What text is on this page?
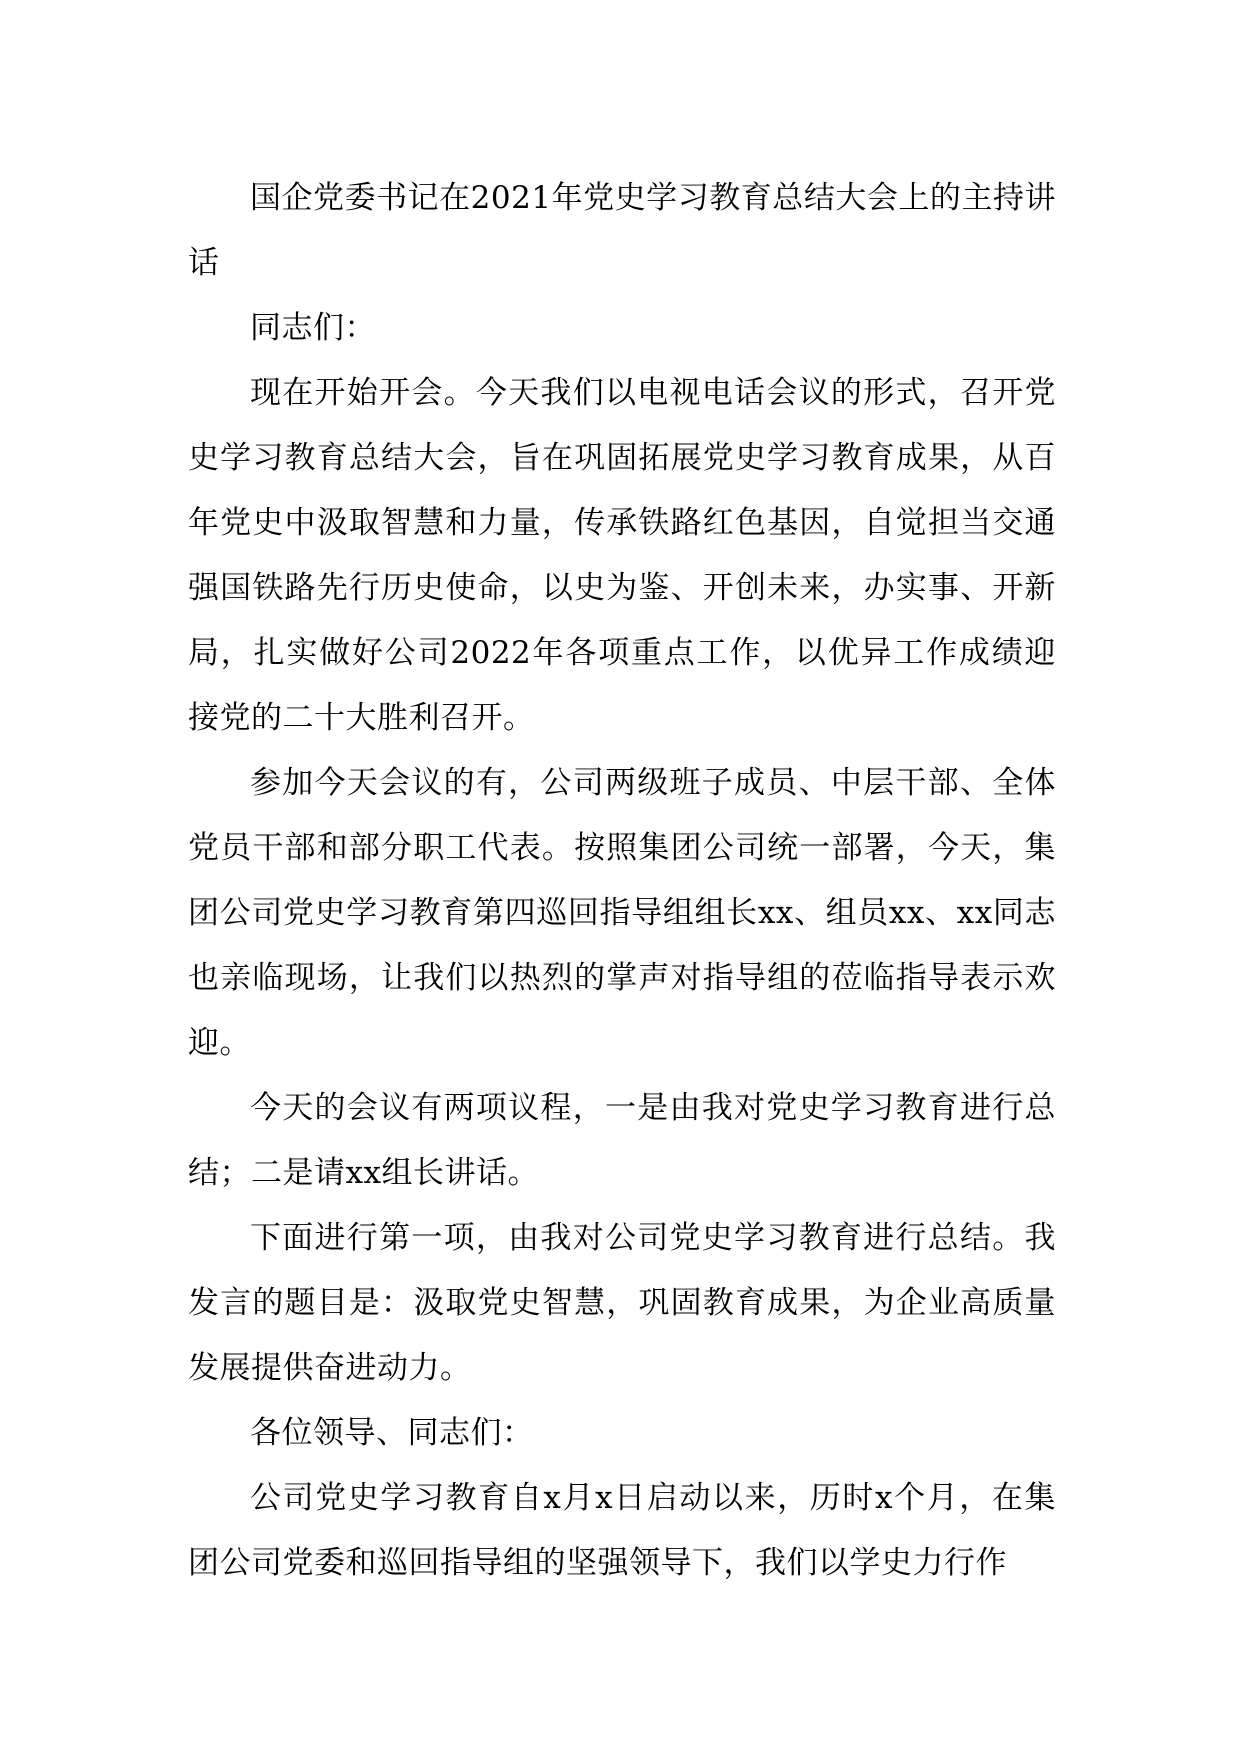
国企党委书记在2021年党史学习教育总结大会上的主持讲话

同志们：

现在开始开会。今天我们以电视电话会议的形式，召开党史学习教育总结大会，旨在巩固拓展党史学习教育成果，从百年党史中汲取智慧和力量，传承铁路红色基因，自觉担当交通强国铁路先行历史使命，以史为鉴、开创未来，办实事、开新局，扎实做好公司2022年各项重点工作，以优异工作成绩迎接党的二十大胜利召开。

参加今天会议的有，公司两级班子成员、中层干部、全体党员干部和部分职工代表。按照集团公司统一部署，今天，集团公司党史学习教育第四巡回指导组组长xx、组员xx、xx同志也亲临现场，让我们以热烈的掌声对指导组的莅临指导表示欢迎。

今天的会议有两项议程，一是由我对党史学习教育进行总结；二是请xx组长讲话。

下面进行第一项，由我对公司党史学习教育进行总结。我发言的题目是：汲取党史智慧，巩固教育成果，为企业高质量发展提供奋进动力。

各位领导、同志们：

公司党史学习教育自x月x日启动以来，历时x个月，在集团公司党委和巡回指导组的坚强领导下，我们以学史力行作
